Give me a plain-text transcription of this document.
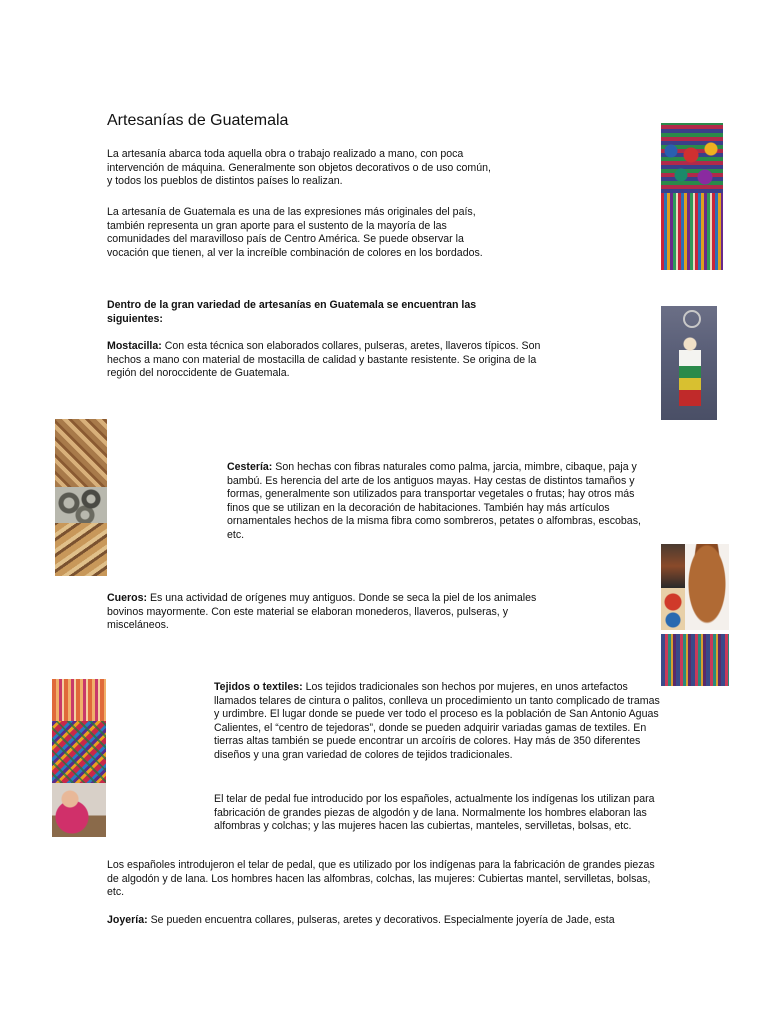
Artesanías de Guatemala

La artesanía abarca toda aquella obra o trabajo realizado a mano, con poca intervención de máquina. Generalmente son objetos decorativos o de uso común, y todos los pueblos de distintos países lo realizan.

La artesanía de Guatemala es una de las expresiones más originales del país, también representa un gran aporte para el sustento de la mayoría de las comunidades del maravilloso país de Centro América. Se puede observar la vocación que tienen, al ver la increíble combinación de colores en los bordados.

Dentro de la gran variedad de artesanías en Guatemala se encuentran las siguientes:

Mostacilla: Con esta técnica son elaborados collares, pulseras, aretes, llaveros típicos. Son hechos a mano con material de mostacilla de calidad y bastante resistente. Se origina de la región del noroccidente de Guatemala.

Cestería: Son hechas con fibras naturales como palma, jarcia, mimbre, cibaque, paja y bambú. Es herencia del arte de los antiguos mayas. Hay cestas de distintos tamaños y formas, generalmente son utilizados para transportar vegetales o frutas; hay otros más finos que se utilizan en la decoración de habitaciones. También hay más artículos ornamentales hechos de la misma fibra como sombreros, petates o alfombras, escobas, etc.

Cueros: Es una actividad de orígenes muy antiguos. Donde se seca la piel de los animales bovinos mayormente. Con este material se elaboran monederos, llaveros, pulseras, y misceláneos.

Tejidos o textiles: Los tejidos tradicionales son hechos por mujeres, en unos artefactos llamados telares de cintura o palitos, conlleva un procedimiento un tanto complicado de tramas y urdimbre. El lugar donde se puede ver todo el proceso es la población de San Antonio Aguas Calientes, el “centro de tejedoras”, donde se pueden adquirir variadas gamas de textiles. En tierras altas también se puede encontrar un arcoíris de colores. Hay más de 350 diferentes diseños y una gran variedad de colores de tejidos tradicionales.

El telar de pedal fue introducido por los españoles, actualmente los indígenas los utilizan para fabricación de grandes piezas de algodón y de lana. Normalmente los hombres elaboran las alfombras y colchas; y las mujeres hacen las cubiertas, manteles, servilletas, bolsas, etc.

Los españoles introdujeron el telar de pedal, que es utilizado por los indígenas para la fabricación de grandes piezas de algodón y de lana. Los hombres hacen las alfombras, colchas, las mujeres: Cubiertas mantel, servilletas, bolsas, etc.

Joyería: Se pueden encuentra collares, pulseras, aretes y decorativos. Especialmente joyería de Jade, esta
